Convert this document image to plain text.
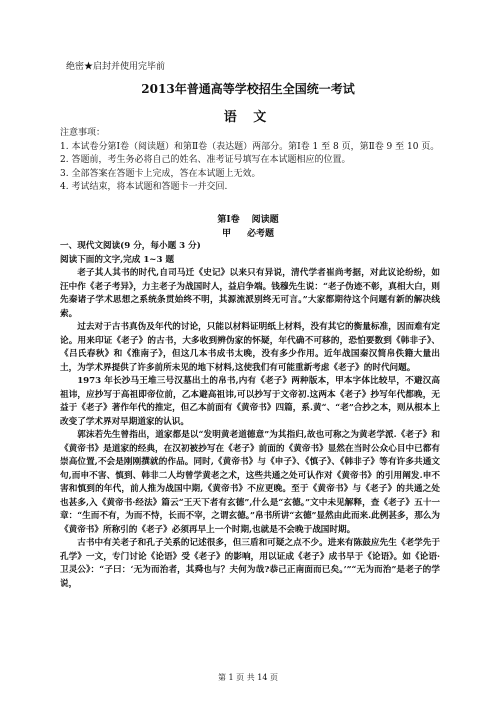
绝密★启封并使用完毕前
2013年普通高等学校招生全国统一考试
语 文

注意事项：

1. 本试卷分第Ⅰ卷（阅读题）和第Ⅱ卷（表达题）两部分。第Ⅰ卷 1 至 8 页，第Ⅱ卷 9 至 10 页。

2. 答题前，考生务必将自己的姓名、准考证号填写在本试题相应的位置。

3. 全部答案在答题卡上完成，答在本试题上无效。

4. 考试结束，将本试题和答题卡一并交回.

第Ⅰ卷 阅读题
甲 必考题

一、现代文阅读(9 分，每小题 3 分)

阅读下面的文字,完成 1~3 题

老子其人其书的时代,自司马迁《史记》以来只有异说，清代学者崔尚考据，对此议论纷纷，如汪中作《老子考异》，力主老子为战国时人，益启争端。钱穆先生说：“老子伪迹不彰，真相大白，则先秦诸子学术思想之系统条贯始终不明，其源流派别终无可言。”大家都期待这个问题有新的解决线索。

过去对于古书真伪及年代的讨论，只能以材料证明纸上材料，没有其它的衡量标准，因而难有定论。用来印证《老子》的古书，大多收到辨伪家的怀疑，年代确不可移的，恐怕要数到《韩非子》、《吕氏春秋》和《淮南子》，但这几本书成书太晚，没有多少作用。近年战国秦汉简帛佚籍大量出土，为学术界提供了许多前所未见的地下材料,这使我们有可能重新考虑《老子》的时代问题。

1973 年长沙马王堆三号汉墓出土的帛书,内有《老子》两种版本，甲本字体比较早，不避汉高祖讳，应抄写于高祖即帝位前，乙本避高祖讳,可以抄写于文帝初.这两本《老子》抄写年代都晚，无益于《老子》著作年代的推定，但乙本前面有《黄帝书》四篇，系.黄“、“老”合抄之本，则从根本上改变了学术界对早期道家的认识。

郭沫若先生曾指出，道家都是以“发明黄老道德意”为其指归,故也可称之为黄老学派.《老子》和《黄帝书》是道家的经典，在汉初被抄写在《老子》前面的《黄帝书》显然在当时公众心目中已都有崇高位置,不会是刚刚撰就的作品。同时,《黄帝书》与《申子》、《慎子》、《韩非子》等有许多共通文句,而申不害、慎到、韩非二人均曾学黄老之术，这些共通之处可认作对《黄帝书》的引用阐发.申不害和慎到的年代，前人推为战国中期,《黄帝书》不应更晚。至于《黄帝书》与《老子》的共通之处也甚多,入《黄帝书·经法》篇云“王天下者有玄德”,什么是“玄德。”文中未见解释，查《老子》五十一章：“生而不有，为而不恃，长而不宰，之谓玄德。”帛书所讲“玄德”显然由此而来.此例甚多，那么为《黄帝书》所称引的《老子》必须再早上一个时期,也就是不会晚于战国时期。

古书中有关老子和孔子关系的记述很多，但三盾和可疑之点不少。进来有陈鼓应先生《老学先于孔学》一文，专门讨论《论语》受《老子》的影响，用以证成《老子》成书早于《论语》。如《论语·卫灵公》：“子曰：‘无为而治者，其舜也与？夫何为哉?恭己正南面而已矣。’”“无为而治”是老子的学说，

第 1 页 共 14 页
